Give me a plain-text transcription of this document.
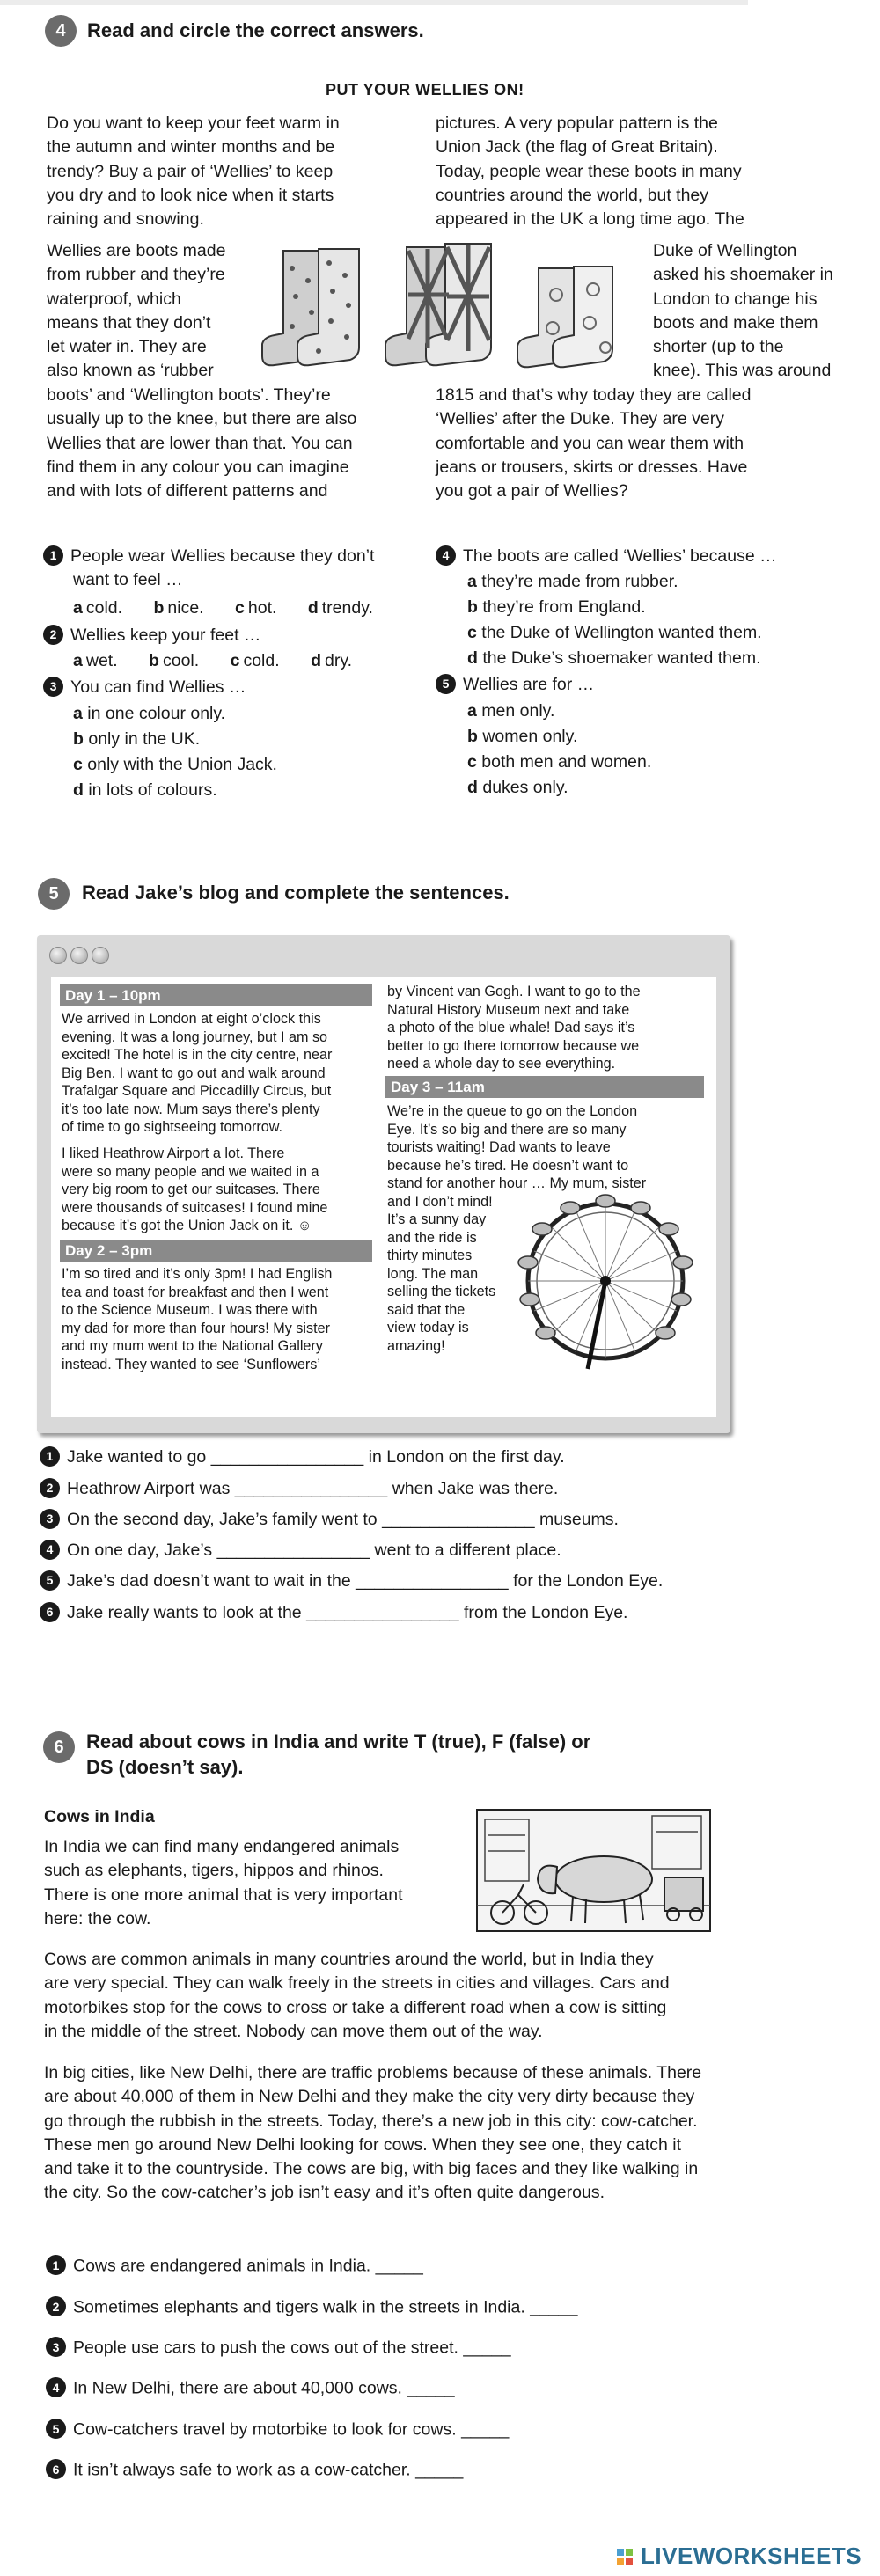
4	Read and circle the correct answers.
PUT YOUR WELLIES ON!
Do you want to keep your feet warm in
the autumn and winter months and be
trendy? Buy a pair of ‘Wellies’ to keep
you dry and to look nice when it starts
raining and snowing.
Wellies are boots made
from rubber and they’re
waterproof, which
means that they don’t
let water in. They are
also known as ‘rubber
boots’ and ‘Wellington boots’. They’re
usually up to the knee, but there are also
Wellies that are lower than that. You can
find them in any colour you can imagine
and with lots of different patterns and
pictures. A very popular pattern is the
Union Jack (the flag of Great Britain).
Today, people wear these boots in many
countries around the world, but they
appeared in the UK a long time ago. The
Duke of Wellington
asked his shoemaker in
London to change his
boots and make them
shorter (up to the
knee). This was around
1815 and that’s why today they are called
‘Wellies’ after the Duke. They are very
comfortable and you can wear them with
jeans or trousers, skirts or dresses. Have
you got a pair of Wellies?
1 People wear Wellies because they don’t
want to feel …
a cold. b nice. c hot. d trendy.
2 Wellies keep your feet …
a wet. b cool. c cold. d dry.
3 You can find Wellies …
a in one colour only.
b only in the UK.
c only with the Union Jack.
d in lots of colours.
4 The boots are called ‘Wellies’ because …
a they’re made from rubber.
b they’re from England.
c the Duke of Wellington wanted them.
d the Duke’s shoemaker wanted them.
5 Wellies are for …
a men only.
b women only.
c both men and women.
d dukes only.
5	Read Jake’s blog and complete the sentences.
Day 1 – 10pm
We arrived in London at eight o’clock this
evening. It was a long journey, but I am so
excited! The hotel is in the city centre, near
Big Ben. I want to go out and walk around
Trafalgar Square and Piccadilly Circus, but
it’s too late now. Mum says there’s plenty
of time to go sightseeing tomorrow.
I liked Heathrow Airport a lot. There
were so many people and we waited in a
very big room to get our suitcases. There
were thousands of suitcases! I found mine
because it’s got the Union Jack on it. ☺
Day 2 – 3pm
I’m so tired and it’s only 3pm! I had English
tea and toast for breakfast and then I went
to the Science Museum. I was there with
my dad for more than four hours! My sister
and my mum went to the National Gallery
instead. They wanted to see ‘Sunflowers’
by Vincent van Gogh. I want to go to the
Natural History Museum next and take
a photo of the blue whale! Dad says it’s
better to go there tomorrow because we
need a whole day to see everything.
Day 3 – 11am
We’re in the queue to go on the London
Eye. It’s so big and there are so many
tourists waiting! Dad wants to leave
because he’s tired. He doesn’t want to
stand for another hour … My mum, sister
and I don’t mind!
It’s a sunny day
and the ride is
thirty minutes
long. The man
selling the tickets
said that the
view today is
amazing!
1 Jake wanted to go ________________ in London on the first day.
2 Heathrow Airport was ________________ when Jake was there.
3 On the second day, Jake’s family went to ________________ museums.
4 On one day, Jake’s ________________ went to a different place.
5 Jake’s dad doesn’t want to wait in the ________________ for the London Eye.
6 Jake really wants to look at the ________________ from the London Eye.
6	Read about cows in India and write T (true), F (false) or
DS (doesn’t say).
Cows in India
In India we can find many endangered animals
such as elephants, tigers, hippos and rhinos.
There is one more animal that is very important
here: the cow.
Cows are common animals in many countries around the world, but in India they
are very special. They can walk freely in the streets in cities and villages. Cars and
motorbikes stop for the cows to cross or take a different road when a cow is sitting
in the middle of the street. Nobody can move them out of the way.
In big cities, like New Delhi, there are traffic problems because of these animals. There
are about 40,000 of them in New Delhi and they make the city very dirty because they
go through the rubbish in the streets. Today, there’s a new job in this city: cow-catcher.
These men go around New Delhi looking for cows. When they see one, they catch it
and take it to the countryside. The cows are big, with big faces and they like walking in
the city. So the cow-catcher’s job isn’t easy and it’s often quite dangerous.
1 Cows are endangered animals in India. _____
2 Sometimes elephants and tigers walk in the streets in India. _____
3 People use cars to push the cows out of the street. _____
4 In New Delhi, there are about 40,000 cows. _____
5 Cow-catchers travel by motorbike to look for cows. _____
6 It isn’t always safe to work as a cow-catcher. _____
LIVEWORKSHEETS
